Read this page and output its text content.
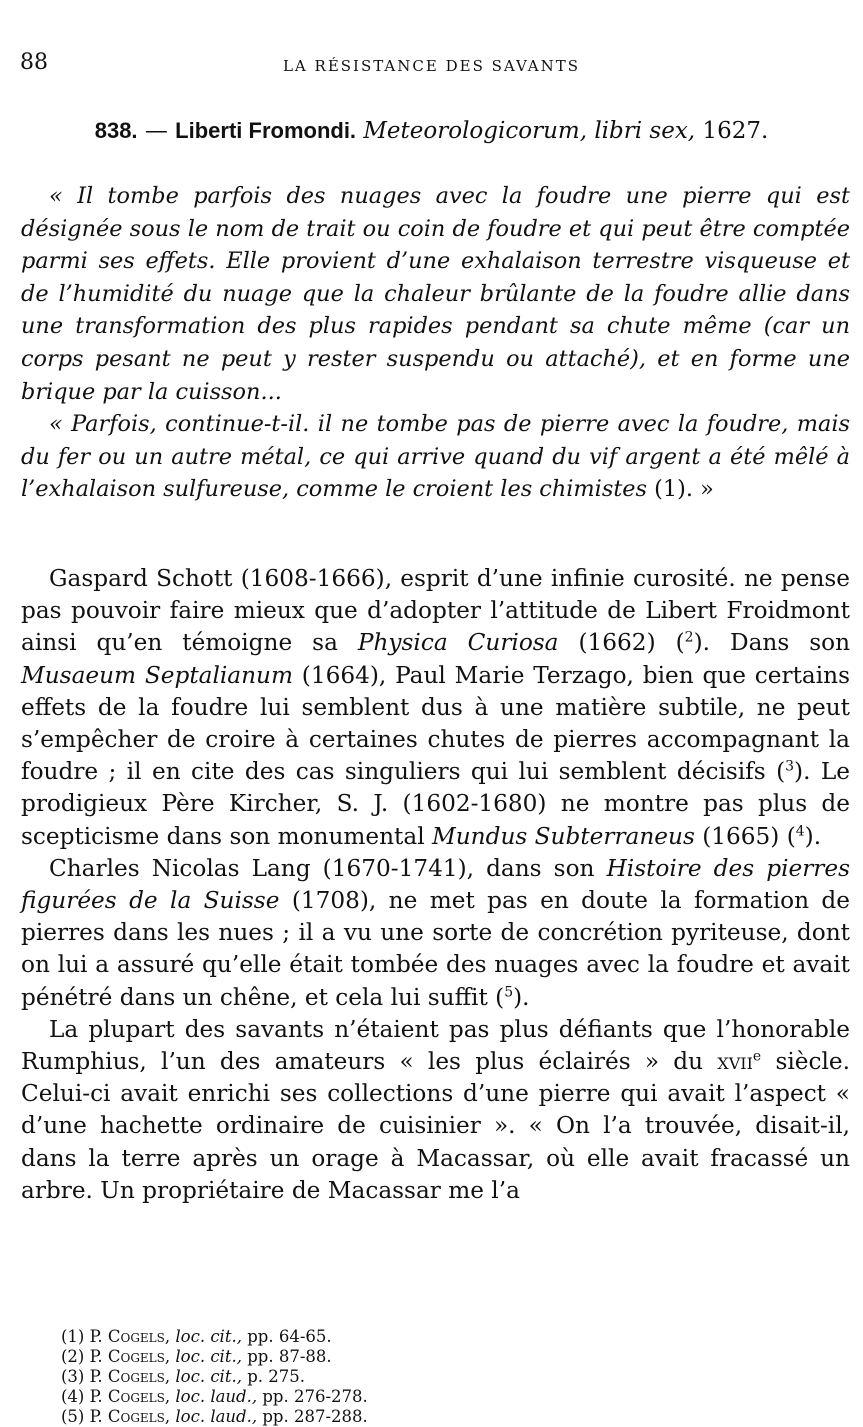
88	LA RÉSISTANCE DES SAVANTS
838. — Liberti Fromondi. Meteorologicorum, libri sex, 1627.

« Il tombe parfois des nuages avec la foudre une pierre qui est désignée sous le nom de trait ou coin de foudre et qui peut être comptée parmi ses effets. Elle provient d’une exhalaison terrestre visqueuse et de l’humidité du nuage que la chaleur brûlante de la foudre allie dans une transformation des plus rapides pendant sa chute même (car un corps pesant ne peut y rester suspendu ou attaché), et en forme une brique par la cuisson...

« Parfois, continue-t-il. il ne tombe pas de pierre avec la foudre, mais du fer ou un autre métal, ce qui arrive quand du vif argent a été mêlé à l’exhalaison sulfureuse, comme le croient les chimistes (1). »

Gaspard Schott (1608-1666), esprit d’une infinie curosité. ne pense pas pouvoir faire mieux que d’adopter l’attitude de Libert Froidmont ainsi qu’en témoigne sa Physica Curiosa (1662) ($^2$). Dans son Musaeum Septalianum (1664), Paul Marie Terzago, bien que certains effets de la foudre lui semblent dus à une matière subtile, ne peut s’empêcher de croire à certaines chutes de pierres accompagnant la foudre ; il en cite des cas singuliers qui lui semblent décisifs ($^3$). Le prodigieux Père Kircher, S. J. (1602-1680) ne montre pas plus de scepticisme dans son monumental Mundus Subterraneus (1665) ($^4$).

Charles Nicolas Lang (1670-1741), dans son Histoire des pierres figurées de la Suisse (1708), ne met pas en doute la formation de pierres dans les nues ; il a vu une sorte de concrétion pyriteuse, dont on lui a assuré qu’elle était tombée des nuages avec la foudre et avait pénétré dans un chêne, et cela lui suffit ($^5$).

La plupart des savants n’étaient pas plus défiants que l’honorable Rumphius, l’un des amateurs « les plus éclairés » du xvii$^e$ siècle. Celui-ci avait enrichi ses collections d’une pierre qui avait l’aspect « d’une hachette ordinaire de cuisinier ». « On l’a trouvée, disait-il, dans la terre après un orage à Macassar, où elle avait fracassé un arbre. Un propriétaire de Macassar me l’a

(1) P. Cogels, loc. cit., pp. 64-65.
(2) P. Cogels, loc. cit., pp. 87-88.
(3) P. Cogels, loc. cit., p. 275.
(4) P. Cogels, loc. laud., pp. 276-278.
(5) P. Cogels, loc. laud., pp. 287-288.
